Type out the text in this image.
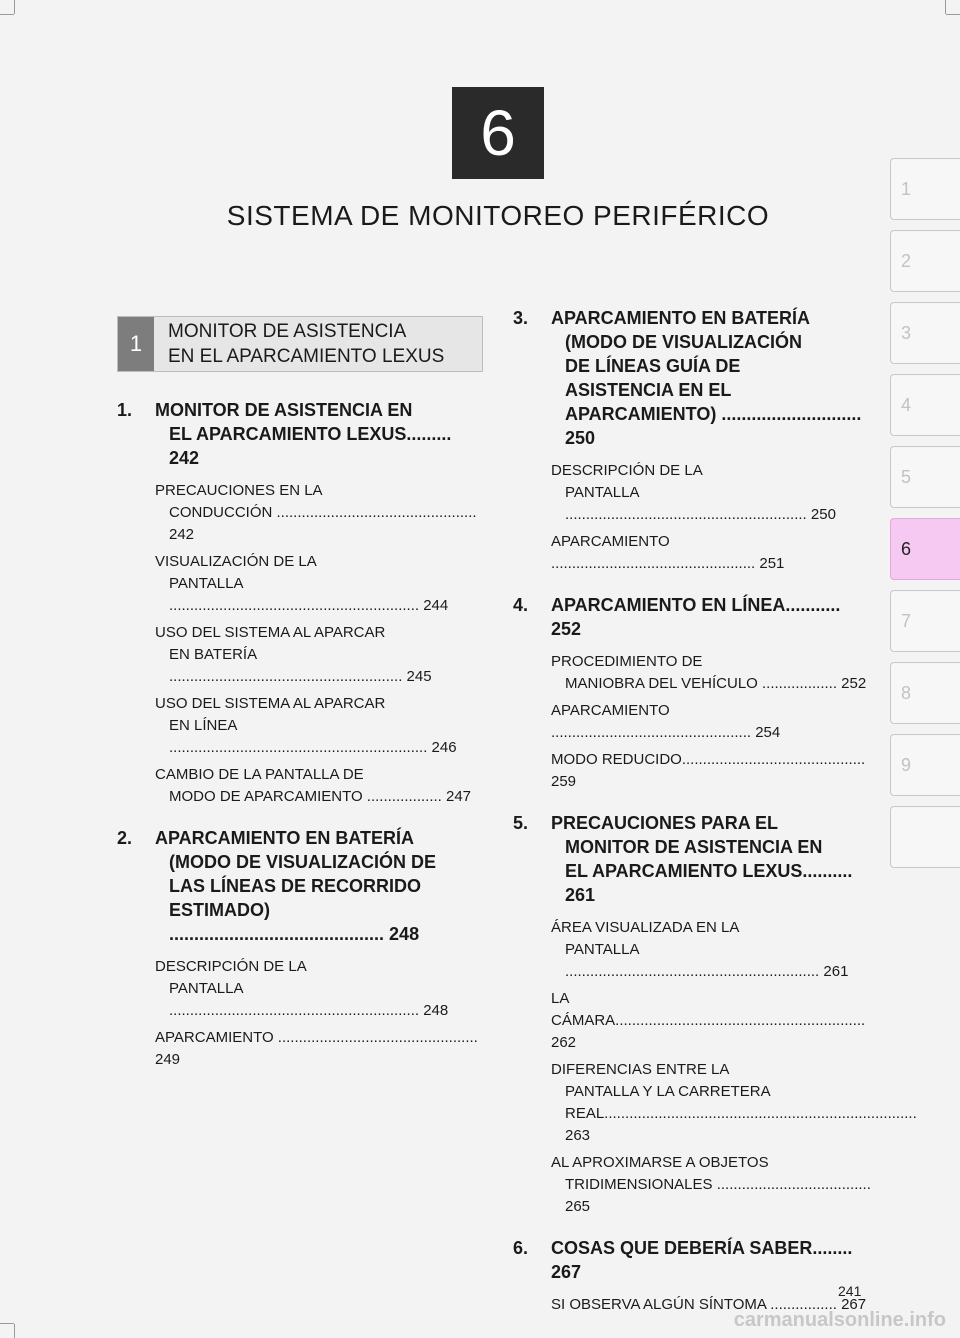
6
SISTEMA DE MONITOREO PERIFÉRICO
1
2
3
4
5
6
7
8
9
1	MONITOR DE ASISTENCIA
EN EL APARCAMIENTO LEXUS
1.	MONITOR DE ASISTENCIA EN
EL APARCAMIENTO LEXUS......... 242
PRECAUCIONES EN LA
CONDUCCIÓN ................................................ 242
VISUALIZACIÓN DE LA
PANTALLA ............................................................ 244
USO DEL SISTEMA AL APARCAR
EN BATERÍA ........................................................ 245
USO DEL SISTEMA AL APARCAR
EN LÍNEA .............................................................. 246
CAMBIO DE LA PANTALLA DE
MODO DE APARCAMIENTO .................. 247
2.	APARCAMIENTO EN BATERÍA
(MODO DE VISUALIZACIÓN DE
LAS LÍNEAS DE RECORRIDO
ESTIMADO) ........................................... 248
DESCRIPCIÓN DE LA
PANTALLA ............................................................ 248
APARCAMIENTO ................................................ 249
3.	APARCAMIENTO EN BATERÍA
(MODO DE VISUALIZACIÓN
DE LÍNEAS GUÍA DE
ASISTENCIA EN EL
APARCAMIENTO) ............................ 250
DESCRIPCIÓN DE LA
PANTALLA .......................................................... 250
APARCAMIENTO ................................................. 251
4.	APARCAMIENTO EN LÍNEA........... 252
PROCEDIMIENTO DE
MANIOBRA DEL VEHÍCULO .................. 252
APARCAMIENTO ................................................ 254
MODO REDUCIDO............................................ 259
5.	PRECAUCIONES PARA EL
MONITOR DE ASISTENCIA EN
EL APARCAMIENTO LEXUS.......... 261
ÁREA VISUALIZADA EN LA
PANTALLA ............................................................. 261
LA CÁMARA............................................................ 262
DIFERENCIAS ENTRE LA
PANTALLA Y LA CARRETERA
REAL........................................................................... 263
AL APROXIMARSE A OBJETOS
TRIDIMENSIONALES ..................................... 265
6.	COSAS QUE DEBERÍA SABER........ 267
SI OBSERVA ALGÚN SÍNTOMA ................ 267
241
carmanualsonline.info
